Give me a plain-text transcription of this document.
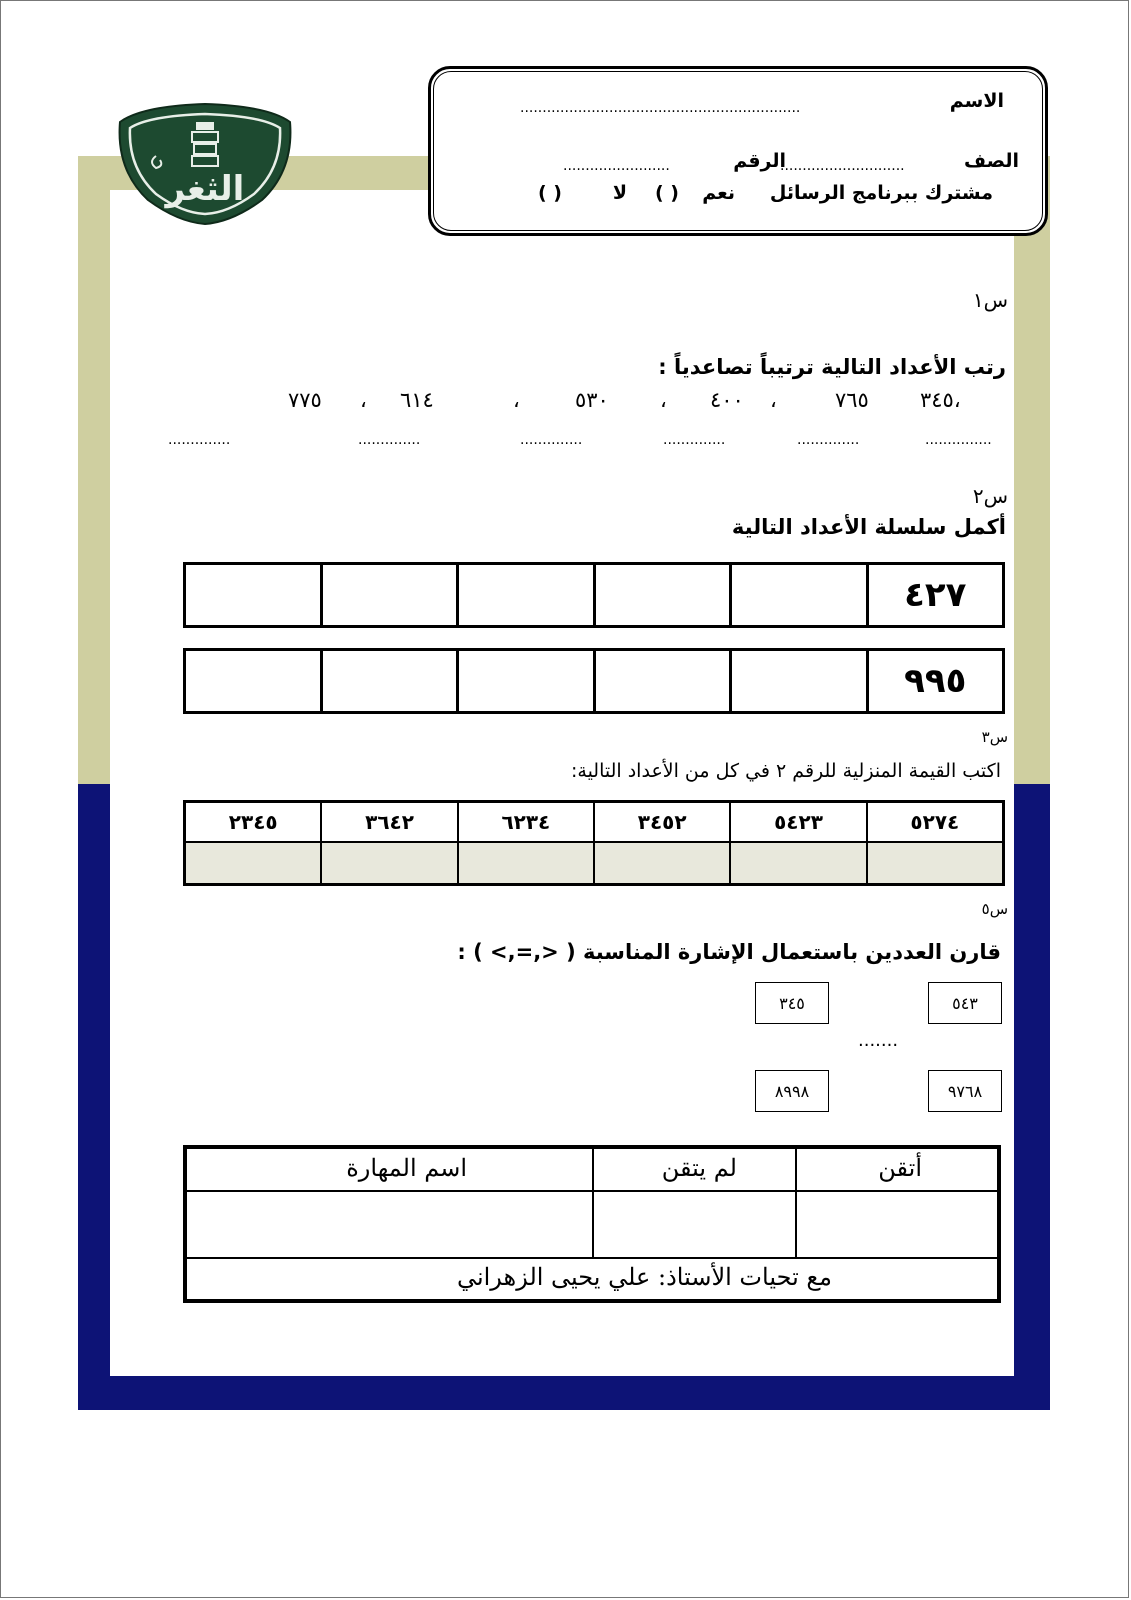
الثغر
الاسم
...............................................................
الصف
............................
الرقم
........................
مشترك ببرنامج الرسائل
نعم
( )
لا
( )
س١
رتب الأعداد التالية ترتيباً تصاعدياً :
٣٤٥،
٧٦٥
،
٤٠٠
،
٥٣٠
،
٦١٤
،
٧٧٥
...............
..............
..............
..............
..............
..............
س٢
أكمل سلسلة الأعداد التالية
٤٢٧
٩٩٥
س٣
اكتب القيمة المنزلية للرقم ٢ في كل من الأعداد التالية:
٥٢٧٤
٥٤٢٣
٣٤٥٢
٦٢٣٤
٣٦٤٢
٢٣٤٥
س٥
قارن العددين باستعمال الإشارة المناسبة ( <,=,> ) :
٥٤٣
٣٤٥
.......
٩٧٦٨
٨٩٩٨
أتقن
لم يتقن
اسم المهارة
مع تحيات الأستاذ: علي يحيى الزهراني
